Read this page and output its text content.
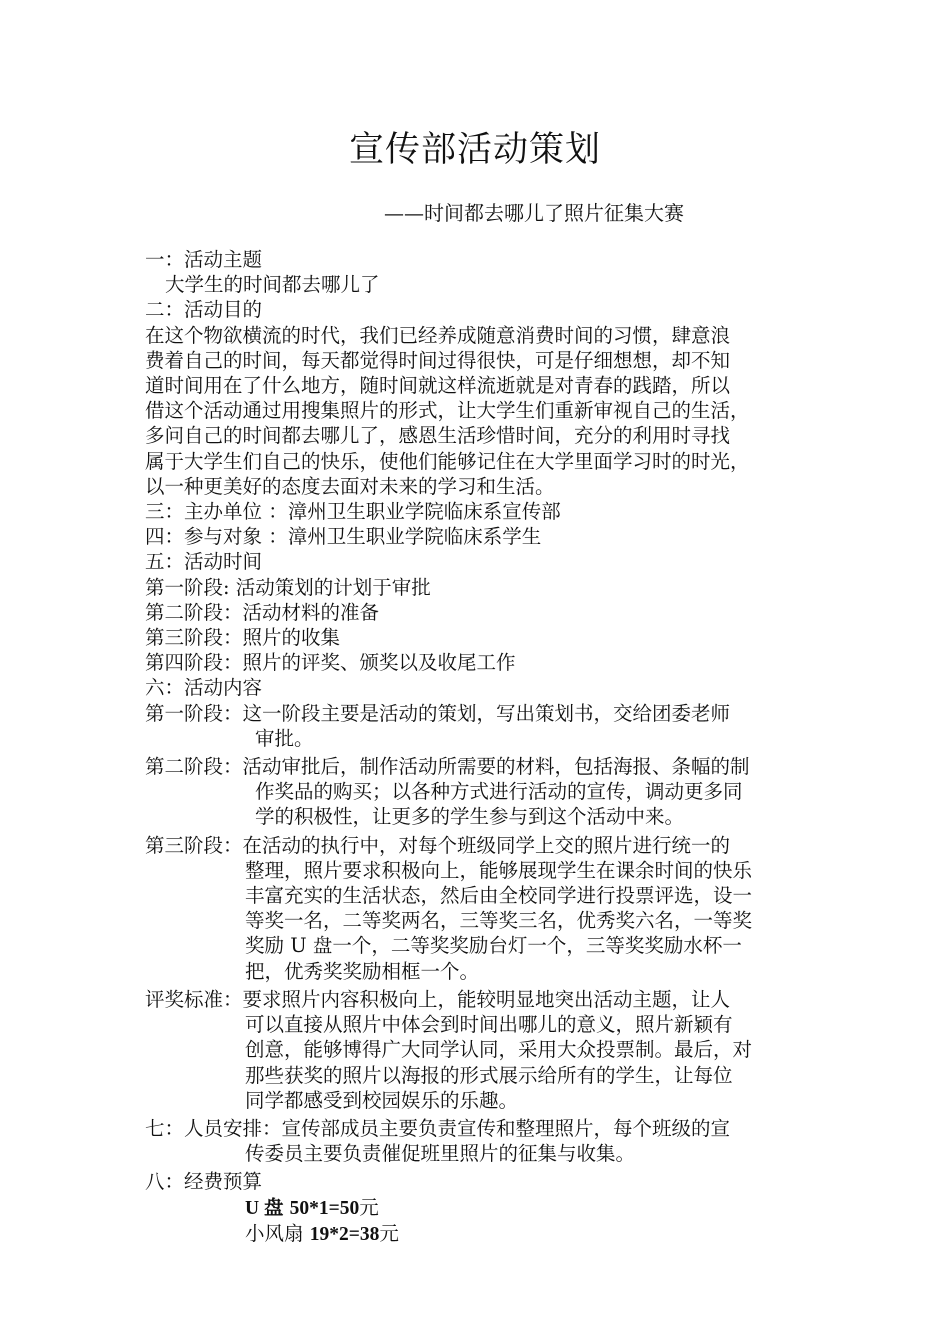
宣传部活动策划
——时间都去哪儿了照片征集大赛
一：活动主题
大学生的时间都去哪儿了
二：活动目的
在这个物欲横流的时代，我们已经养成随意消费时间的习惯，肆意浪
费着自己的时间，每天都觉得时间过得很快，可是仔细想想，却不知
道时间用在了什么地方，随时间就这样流逝就是对青春的践踏，所以
借这个活动通过用搜集照片的形式，让大学生们重新审视自己的生活，
多问自己的时间都去哪儿了，感恩生活珍惜时间，充分的利用时寻找
属于大学生们自己的快乐，使他们能够记住在大学里面学习时的时光，
以一种更美好的态度去面对未来的学习和生活。
三：主办单位 ：漳州卫生职业学院临床系宣传部
四：参与对象 ：漳州卫生职业学院临床系学生
五：活动时间
第一阶段: 活动策划的计划于审批
第二阶段：活动材料的准备
第三阶段：照片的收集
第四阶段：照片的评奖、颁奖以及收尾工作
六：活动内容
第一阶段：这一阶段主要是活动的策划，写出策划书，交给团委老师
审批。
第二阶段：活动审批后，制作活动所需要的材料，包括海报、条幅的制
作奖品的购买；以各种方式进行活动的宣传，调动更多同
学的积极性，让更多的学生参与到这个活动中来。
第三阶段：在活动的执行中，对每个班级同学上交的照片进行统一的
整理，照片要求积极向上，能够展现学生在课余时间的快乐
丰富充实的生活状态，然后由全校同学进行投票评选，设一
等奖一名，二等奖两名，三等奖三名，优秀奖六名，一等奖
奖励 U 盘一个，二等奖奖励台灯一个，三等奖奖励水杯一
把，优秀奖奖励相框一个。
评奖标准：要求照片内容积极向上，能较明显地突出活动主题，让人
可以直接从照片中体会到时间出哪儿的意义，照片新颖有
创意，能够博得广大同学认同，采用大众投票制。最后，对
那些获奖的照片以海报的形式展示给所有的学生，让每位
同学都感受到校园娱乐的乐趣。
七：人员安排：宣传部成员主要负责宣传和整理照片，每个班级的宣
传委员主要负责催促班里照片的征集与收集。
八：经费预算
U 盘 50*1=50元
小风扇 19*2=38元
